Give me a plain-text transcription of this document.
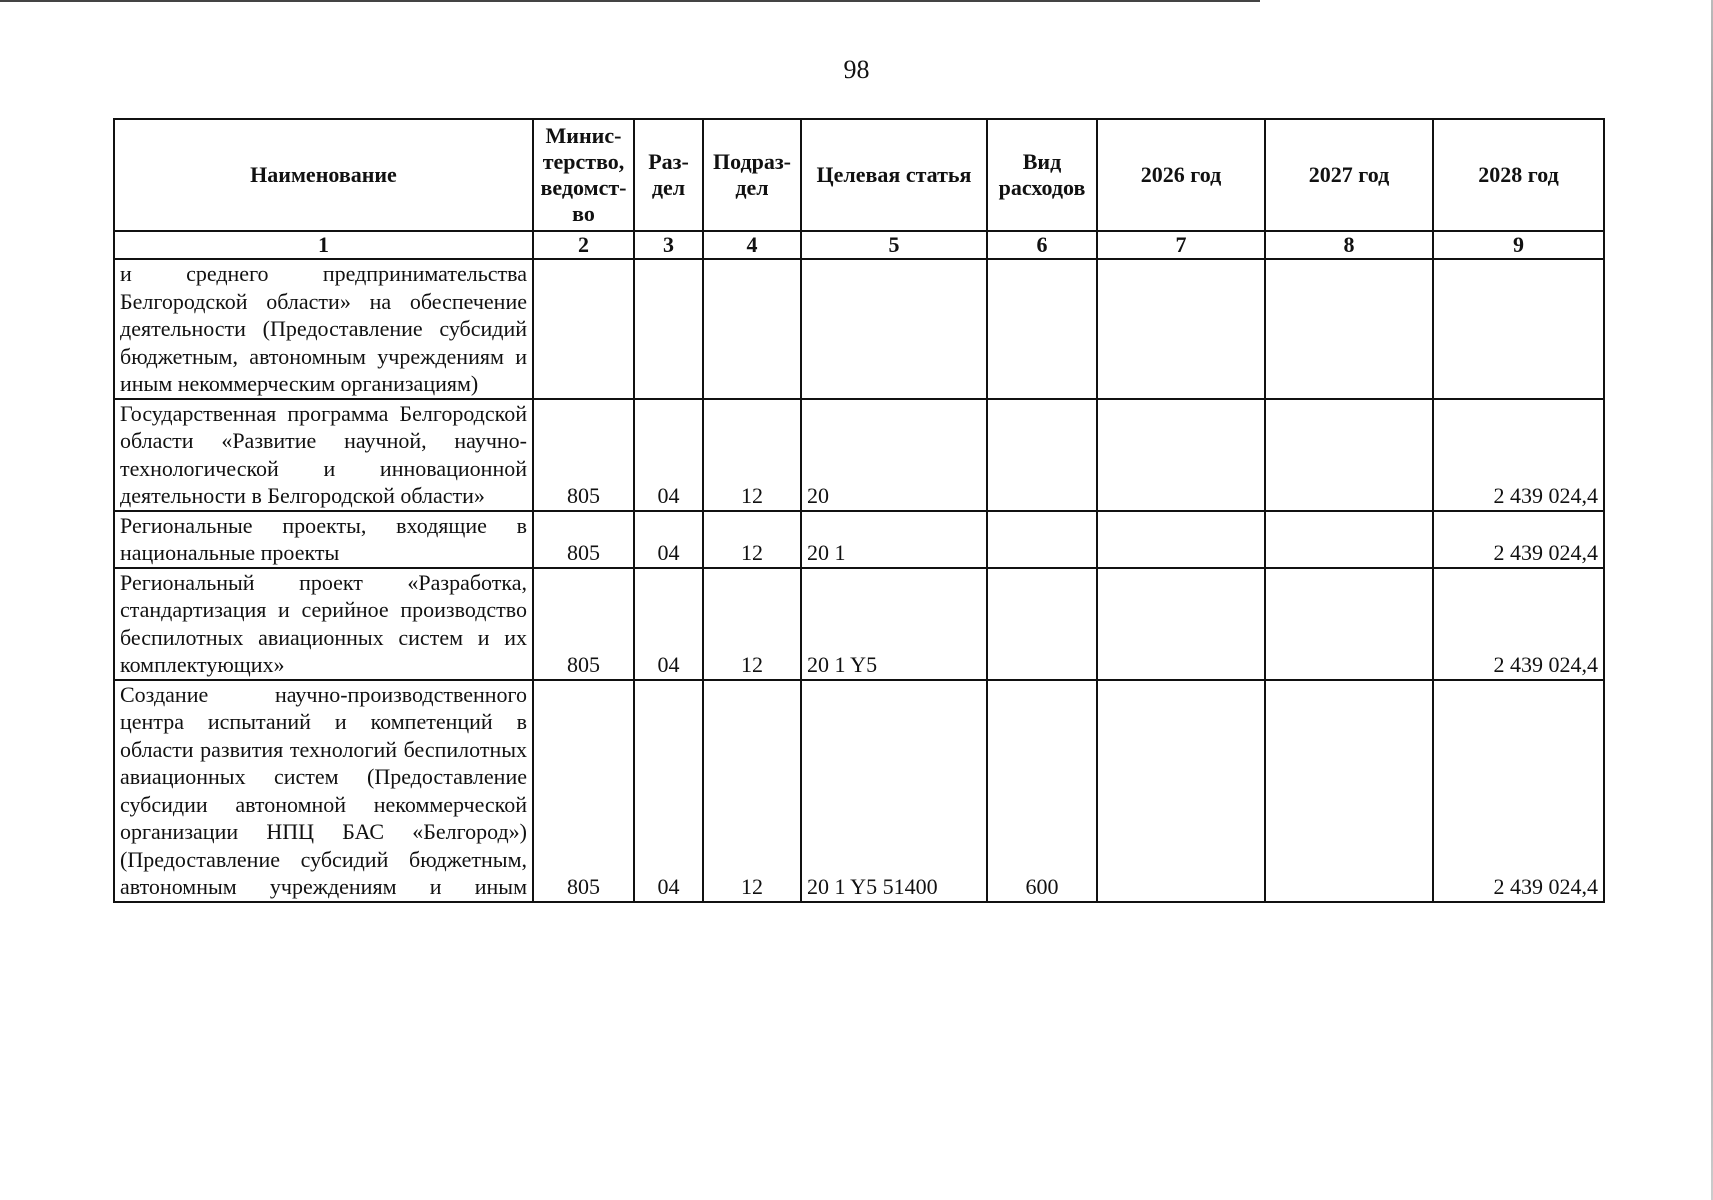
98
Наименование	Минис-терство, ведомст-во	Раз-дел	Подраз-дел	Целевая статья	Вид расходов	2026 год	2027 год	2028 год
1	2	3	4	5	6	7	8	9
и среднего предпринимательства Белгородской области» на обеспечение деятельности (Предоставление субсидий бюджетным, автономным учреждениям и иным некоммерческим организациям)								
Государственная программа Белгородской области «Развитие научной, научно-технологической и инновационной деятельности в Белгородской области»	805	04	12	20				2 439 024,4
Региональные проекты, входящие в национальные проекты	805	04	12	20 1				2 439 024,4
Региональный проект «Разработка, стандартизация и серийное производство беспилотных авиационных систем и их комплектующих»	805	04	12	20 1 Y5				2 439 024,4
Создание научно-производственного центра испытаний и компетенций в области развития технологий беспилотных авиационных систем (Предоставление субсидии автономной некоммерческой организации НПЦ БАС «Белгород») (Предоставление субсидий бюджетным, автономным учреждениям и иным	805	04	12	20 1 Y5 51400	600			2 439 024,4
